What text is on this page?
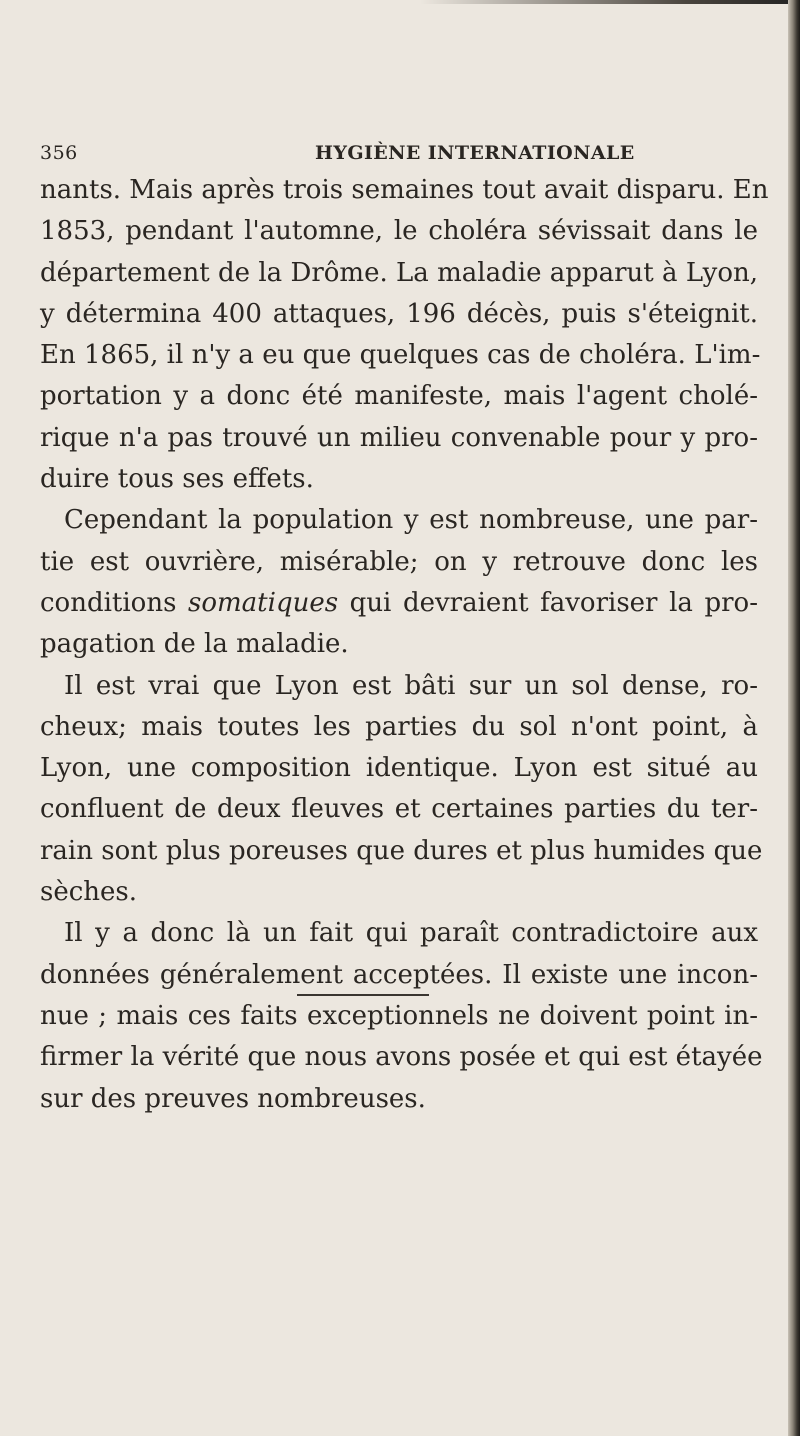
356	HYGIÈNE INTERNATIONALE
nants. Mais après trois semaines tout avait disparu. En
1853, pendant l'automne, le choléra sévissait dans le
département de la Drôme. La maladie apparut à Lyon,
y détermina 400 attaques, 196 décès, puis s'éteignit.
En 1865, il n'y a eu que quelques cas de choléra. L'im-
portation y a donc été manifeste, mais l'agent cholé-
rique n'a pas trouvé un milieu convenable pour y pro-
duire tous ses effets.
Cependant la population y est nombreuse, une par-
tie est ouvrière, misérable; on y retrouve donc les
conditions somatiques qui devraient favoriser la pro-
pagation de la maladie.
Il est vrai que Lyon est bâti sur un sol dense, ro-
cheux; mais toutes les parties du sol n'ont point, à
Lyon, une composition identique. Lyon est situé au
confluent de deux fleuves et certaines parties du ter-
rain sont plus poreuses que dures et plus humides que
sèches.
Il y a donc là un fait qui paraît contradictoire aux
données généralement acceptées. Il existe une incon-
nue ; mais ces faits exceptionnels ne doivent point in-
firmer la vérité que nous avons posée et qui est étayée
sur des preuves nombreuses.
